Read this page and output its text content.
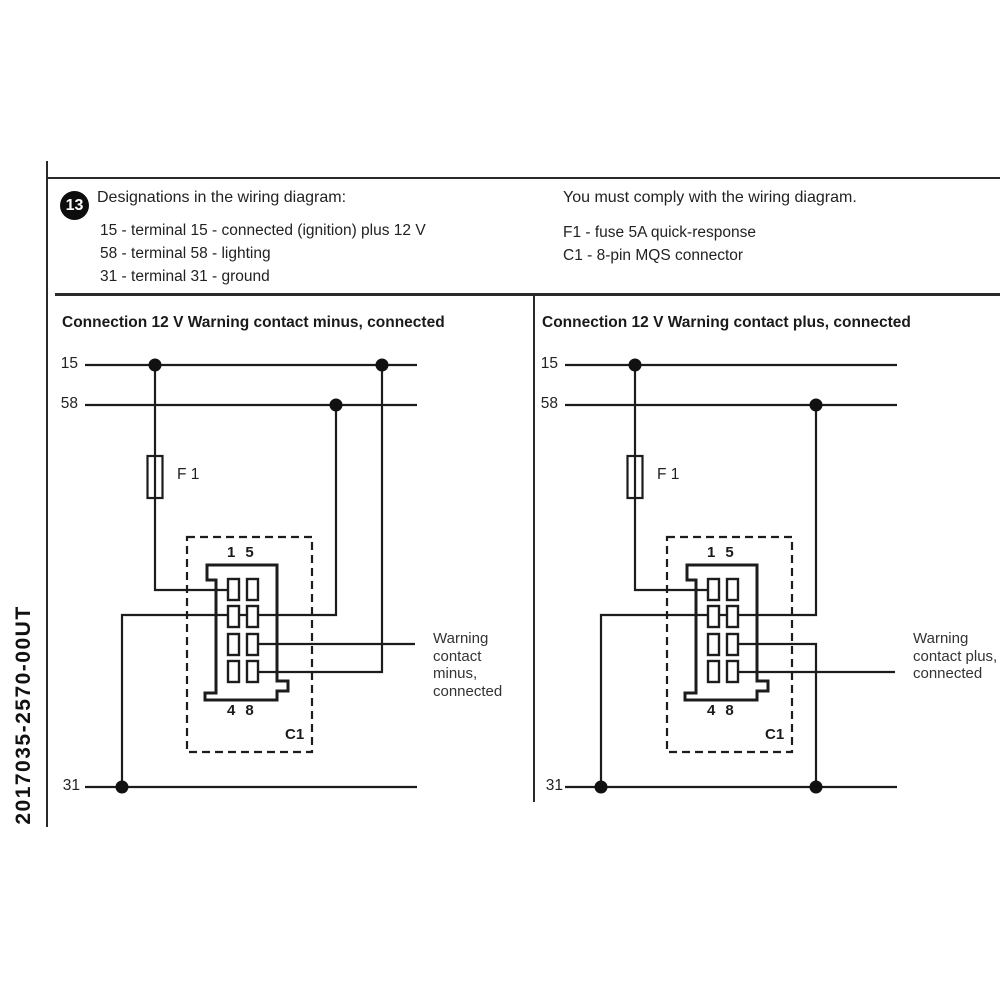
2017035-2570-00UT
13 Designations in the wiring diagram:
15 - terminal 15 - connected (ignition) plus 12 V
58 - terminal 58 - lighting
31 - terminal 31 - ground
You must comply with the wiring diagram.
F1 - fuse 5A quick-response
C1 - 8-pin MQS connector
Connection 12 V Warning contact minus, connected	Connection 12 V Warning contact plus, connected
15
58
31
F 1
1 5
4 8
C1
Warning contact minus, connected
15
58
31
F 1
1 5
4 8
C1
Warning contact plus, connected
